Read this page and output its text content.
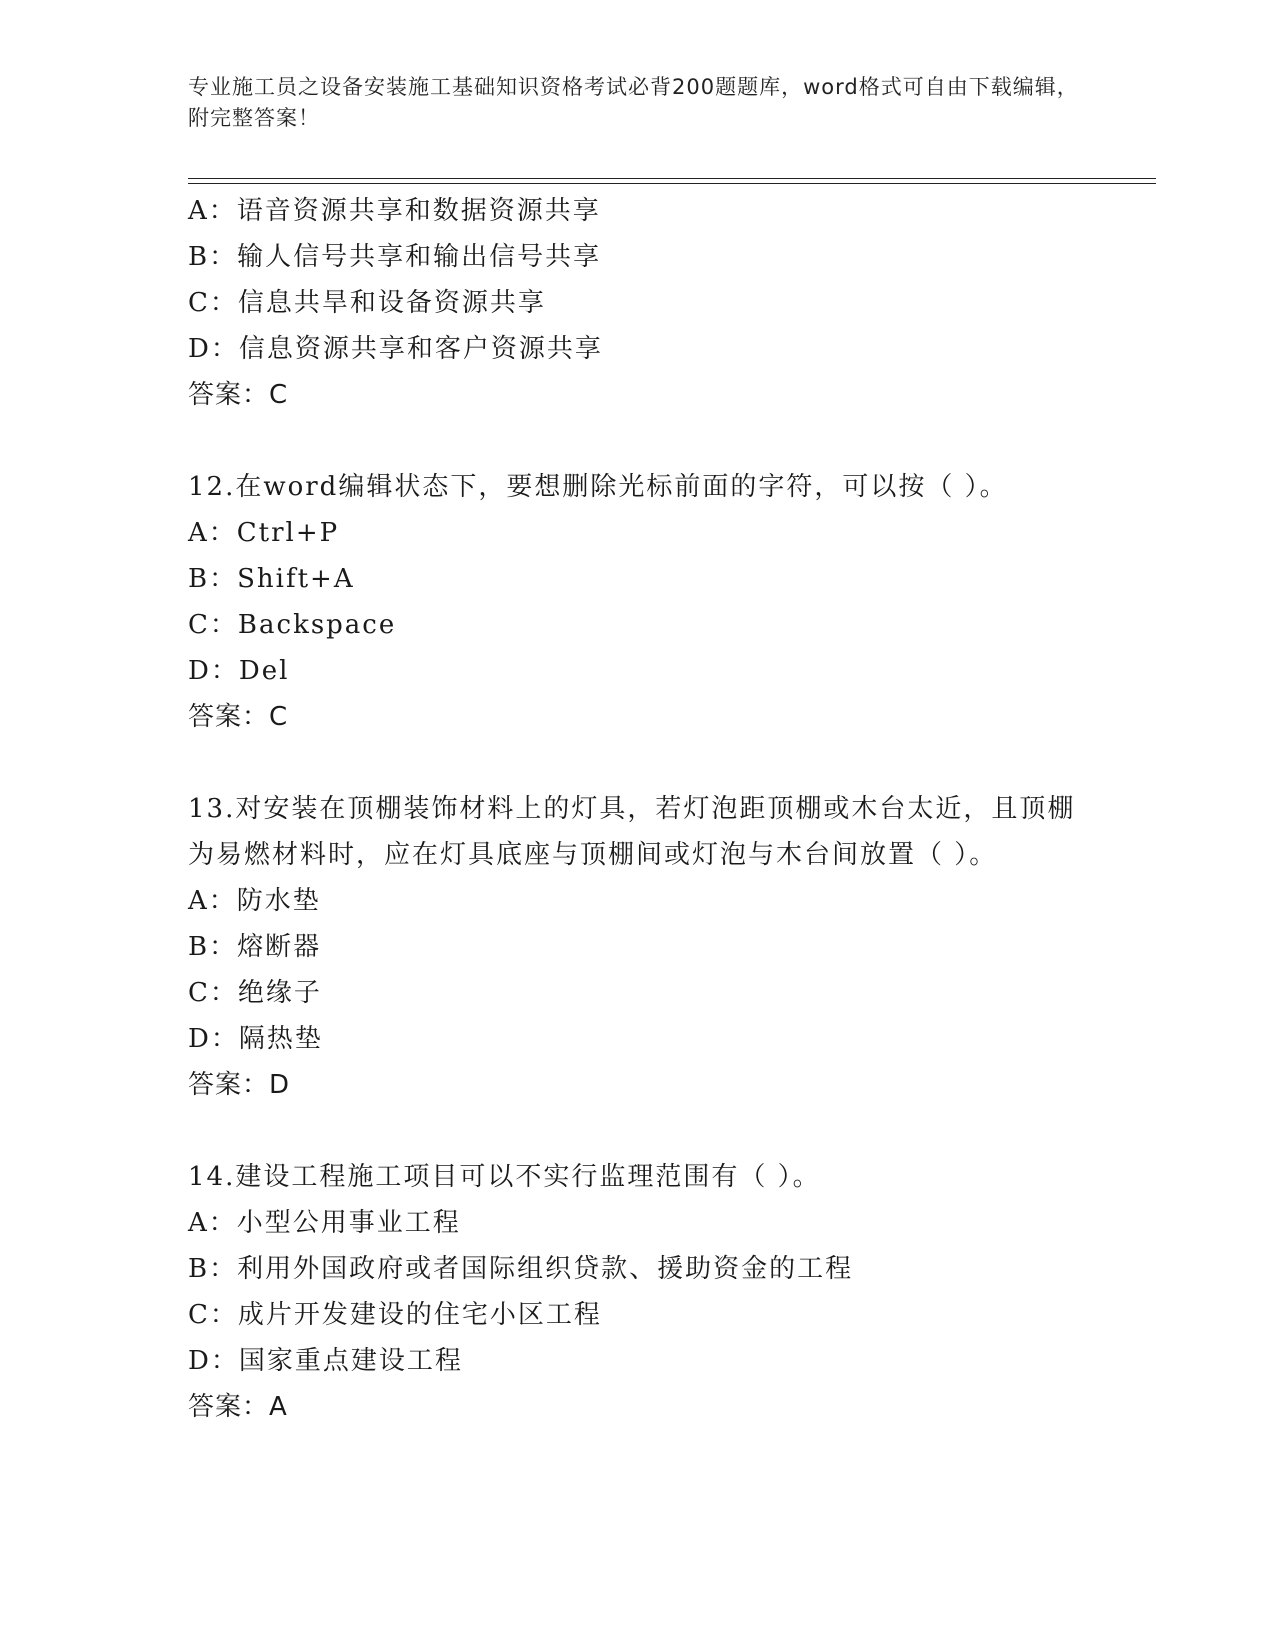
专业施工员之设备安装施工基础知识资格考试必背200题题库，word格式可自由下载编辑，附完整答案！
A：语音资源共享和数据资源共享
B：输人信号共享和输出信号共享
C：信息共旱和设备资源共享
D：信息资源共享和客户资源共享
答案：C
12.在word编辑状态下，要想删除光标前面的字符，可以按（ ）。
A：Ctrl+P
B：Shift+A
C：Backspace
D：Del
答案：C
13.对安装在顶棚装饰材料上的灯具，若灯泡距顶棚或木台太近，且顶棚为易燃材料时，应在灯具底座与顶棚间或灯泡与木台间放置（ ）。
A：防水垫
B：熔断器
C：绝缘子
D：隔热垫
答案：D
14.建设工程施工项目可以不实行监理范围有（ ）。
A：小型公用事业工程
B：利用外国政府或者国际组织贷款、援助资金的工程
C：成片开发建设的住宅小区工程
D：国家重点建设工程
答案：A
